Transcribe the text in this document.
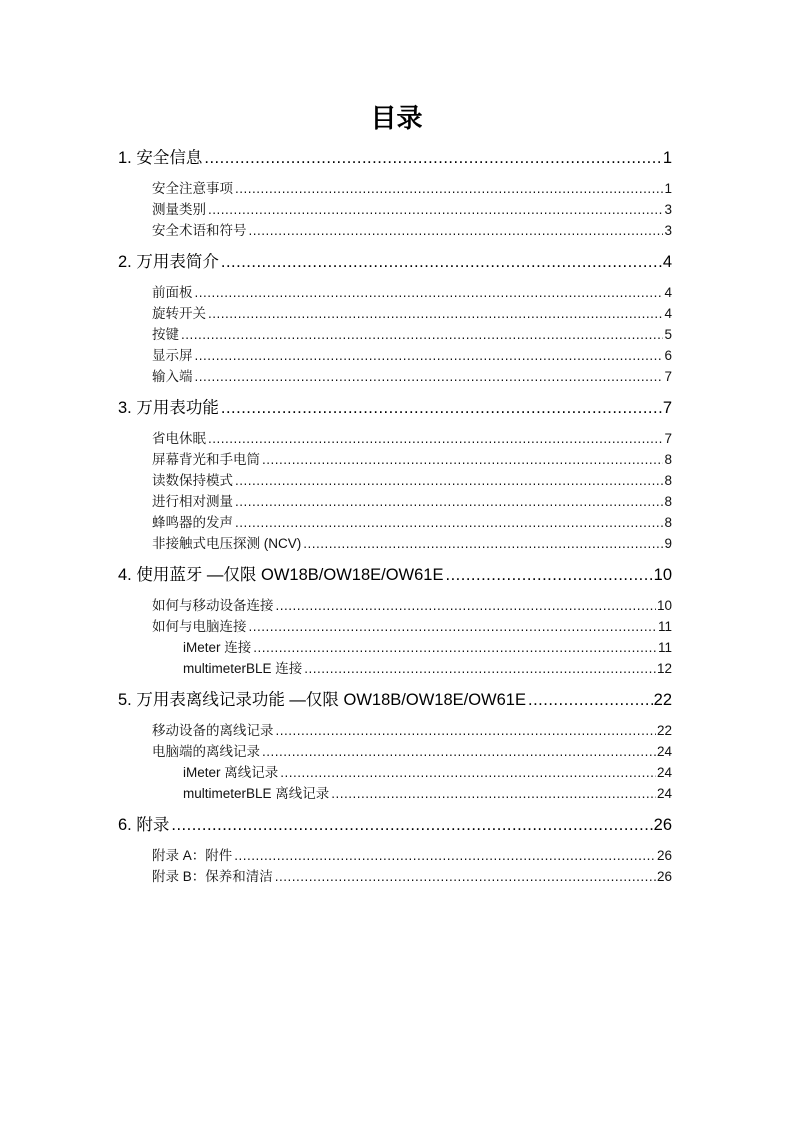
目录
1. 安全信息 .....	1
安全注意事项 .....	1
测量类别 .....	3
安全术语和符号 .....	3
2. 万用表简介 .....	4
前面板 .....	4
旋转开关 .....	4
按键 .....	5
显示屏 .....	6
输入端 .....	7
3. 万用表功能 .....	7
省电休眠 .....	7
屏幕背光和手电筒 .....	8
读数保持模式 .....	8
进行相对测量 .....	8
蜂鸣器的发声 .....	8
非接触式电压探测 (NCV) .....	9
4. 使用蓝牙 —仅限 OW18B/OW18E/OW61E .....	10
如何与移动设备连接 .....	10
如何与电脑连接 .....	11
iMeter 连接 .....	11
multimeterBLE 连接 .....	12
5. 万用表离线记录功能 —仅限 OW18B/OW18E/OW61E .....	22
移动设备的离线记录 .....	22
电脑端的离线记录 .....	24
iMeter 离线记录 .....	24
multimeterBLE 离线记录 .....	24
6. 附录 .....	26
附录 A：附件 .....	26
附录 B：保养和清洁 .....	26
